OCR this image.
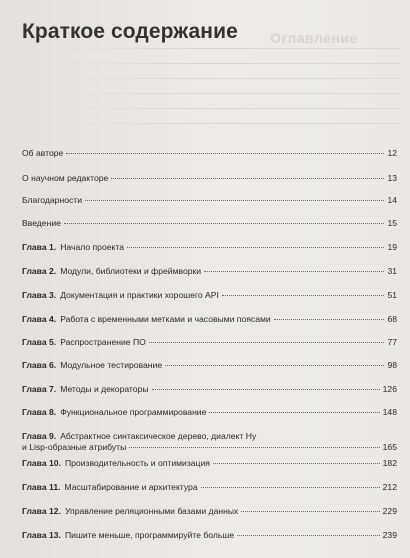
Оглавление
Краткое содержание
Об авторе	12
О научном редакторе	13
Благодарности	14
Введение	15
Глава 1. Начало проекта	19
Глава 2. Модули, библиотеки и фреймворки	31
Глава 3. Документация и практики хорошего API	51
Глава 4. Работа с временными метками и часовыми поясами	68
Глава 5. Распространение ПО	77
Глава 6. Модульное тестирование	98
Глава 7. Методы и декораторы	126
Глава 8. Функциональное программирование	148
Глава 9. Абстрактное синтаксическое дерево, диалект Hy
и Lisp-образные атрибуты	165
Глава 10. Производительность и оптимизация	182
Глава 11. Масштабирование и архитектура	212
Глава 12. Управление реляционными базами данных	229
Глава 13. Пишите меньше, программируйте больше	239
